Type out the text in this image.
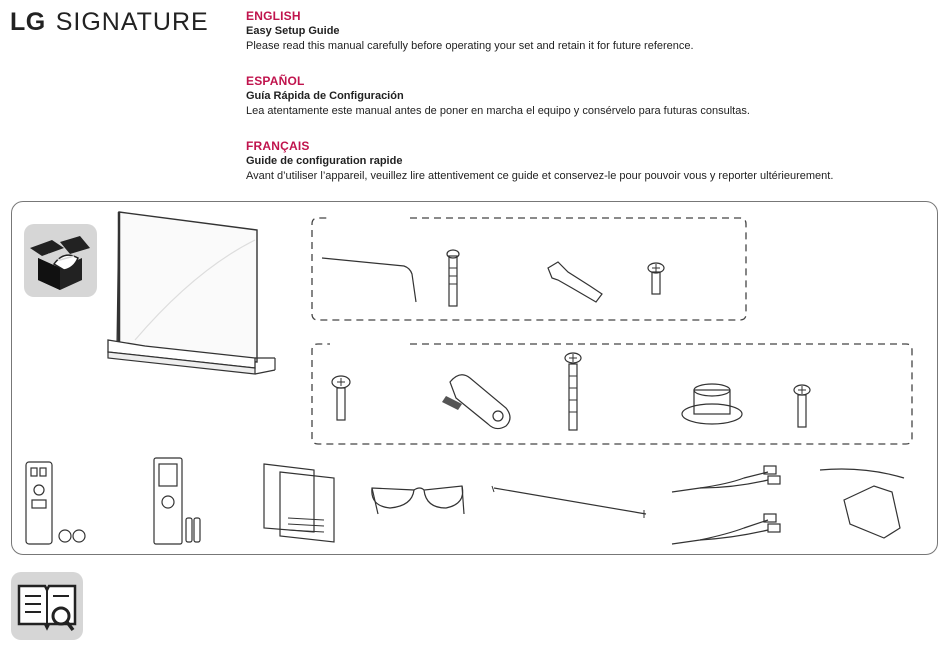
LG SIGNATURE	ENGLISH
Easy Setup Guide
Please read this manual carefully before operating your set and retain it for future reference.
ESPAÑOL
Guía Rápida de Configuración
Lea atentamente este manual antes de poner en marcha el equipo y consérvelo para futuras consultas.
FRANÇAIS
Guide de configuration rapide
Avant d’utiliser l’appareil, veuillez lire attentivement ce guide et conservez-le pour pouvoir vous y reporter ultérieurement.
